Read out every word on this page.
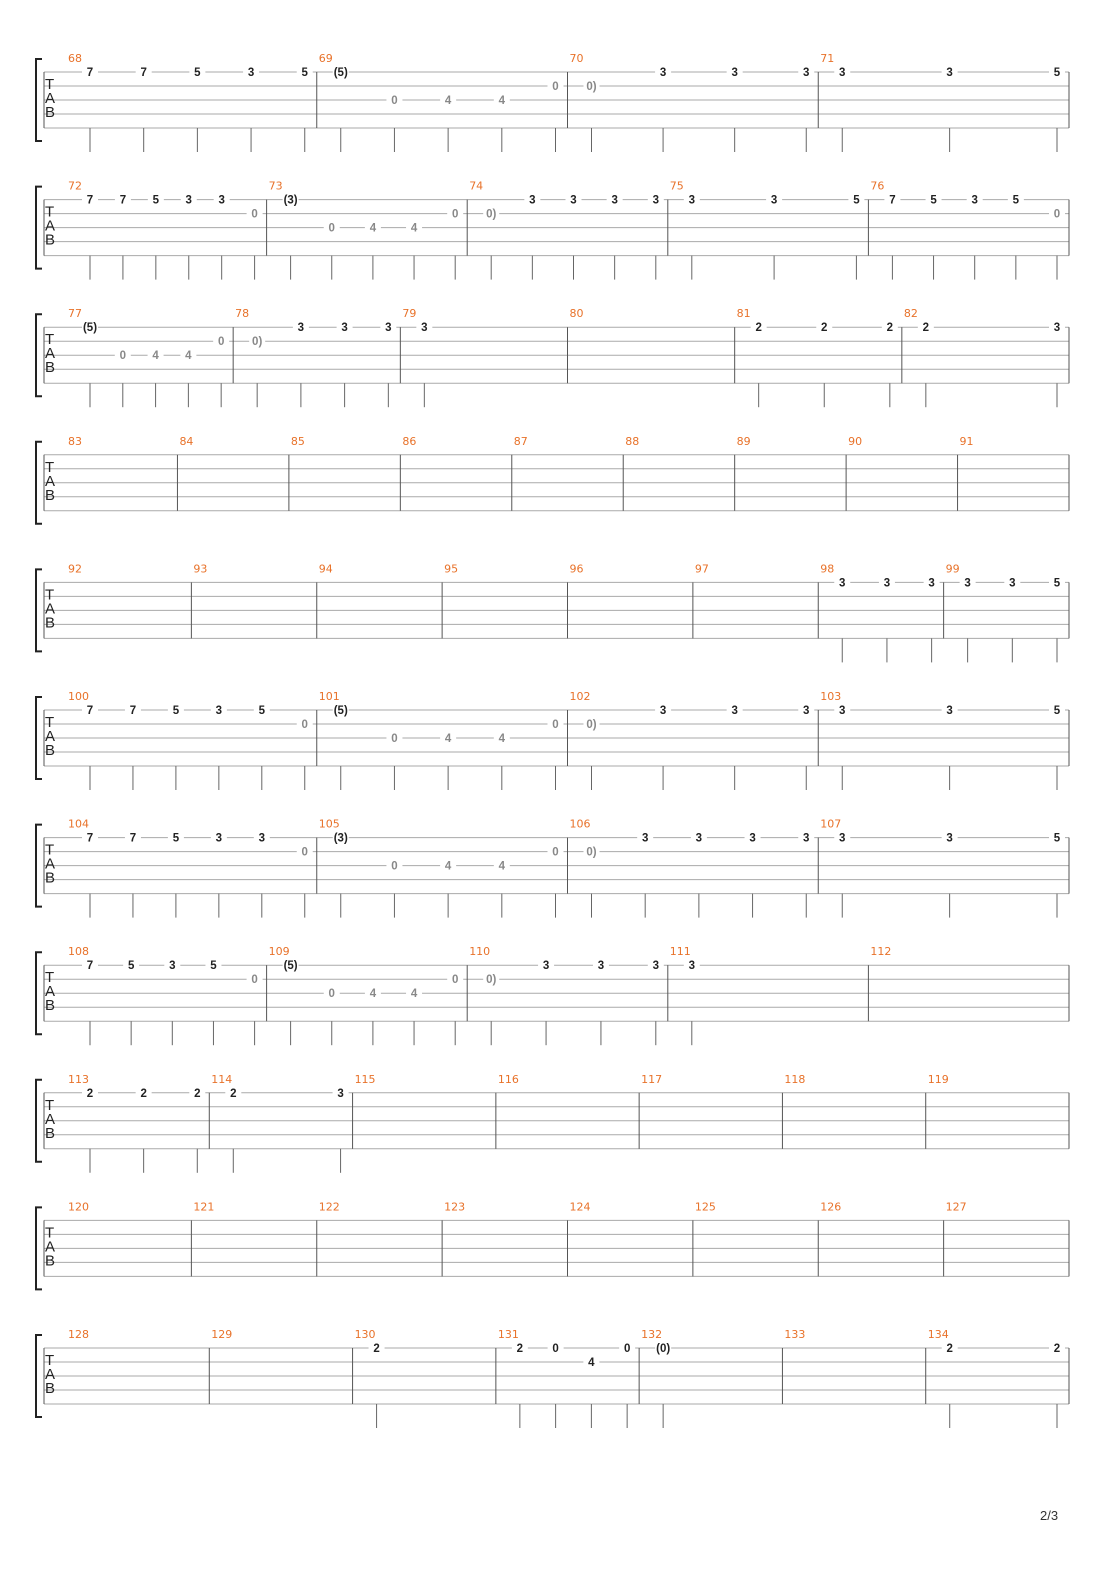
T
A
B
68
7	7	5	3	5
69
(5)
0	4	4
0
70
0)
3	3	3
71
3	3	5
T
A
B
72
7 7 5 3 3
0
73
(3)
0	4	4
0
74
0)
3	3	3	3
75
3	3	5
76
7	5	3	5
0
T
A
B
77
(5)
0 4 4
0
78
0)
3	3	3
79
3
80	81
2	2	2
82
2	3
T
A
B
83	84	85	86	87	88	89	90	91
T
A
B
92	93	94	95	96	97	98
3	3	3
99
3	3	5
T
A
B
100
7	7	5	3	5
0
101
(5)
0	4	4
0
102
0)
3	3	3
103
3	3	5
T
A
B
104
7	7	5	3	3
0
105
(3)
0	4	4
0
106
0)
3	3	3	3
107
3	3	5
T
A
B
108
7	5	3	5
0
109
(5)
0	4	4
0
110
0)
3	3	3
111
3
112
T
A
B
113
2	2	2
114
2	3
115	116	117	118	119
T
A
B
120	121	122	123	124	125	126	127
T
A
B
128	129	130
2
131
2	0
4
0
132
(0)
133	134
2	2
2/3
